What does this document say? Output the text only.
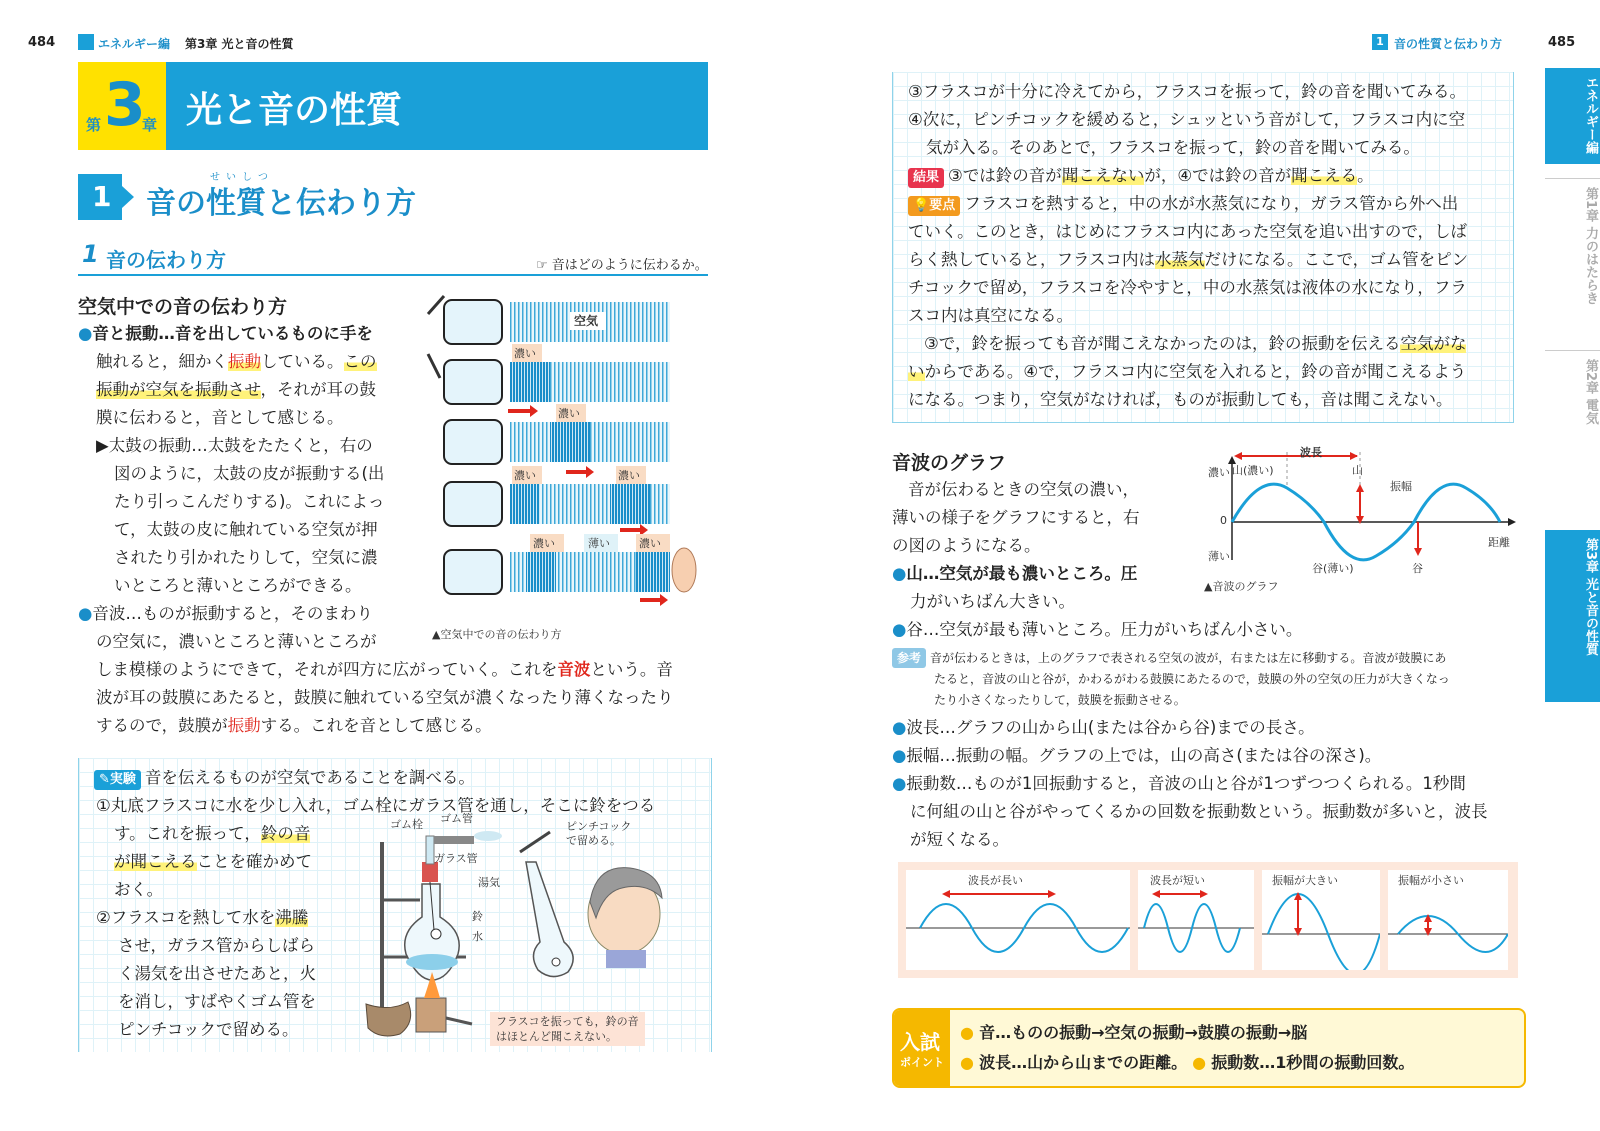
484	エネルギー編 第3章 光と音の性質
第 3
章 光と音の性質
1
せいしつ
音の性質と伝わり方
1 音の伝わり方	☞ 音はどのように伝わるか。
空気中での音の伝わり方
●音と振動…音を出しているものに手を
触れると，細かく振動している。この
振動が空気を振動させ，それが耳の鼓
膜に伝わると，音として感じる。
▶太鼓の振動…太鼓をたたくと，右の
図のように，太鼓の皮が振動する(出
たり引っこんだりする)。これによっ
て，太鼓の皮に触れている空気が押
されたり引かれたりして，空気に濃
いところと薄いところができる。
●音波…ものが振動すると，そのまわり
の空気に，濃いところと薄いところが
しま模様のようにできて，それが四方に広がっていく。これを音波という。音
波が耳の鼓膜にあたると，鼓膜に触れている空気が濃くなったり薄くなったり
するので，鼓膜が振動する。これを音として感じる。
空気
濃い
濃い
濃い	濃い
濃い	薄い	濃い
▲空気中での音の伝わり方
✎実験 音を伝えるものが空気であることを調べる。
①丸底フラスコに水を少し入れ，ゴム栓にガラス管を通し，そこに鈴をつる
す。これを振って，鈴の音
が聞こえることを確かめて
おく。
②フラスコを熱して水を沸騰
させ，ガラス管からしばら
く湯気を出させたあと，火
を消し，すばやくゴム管を
ピンチコックで留める。
ゴム栓 ゴム管
ガラス管
湯気
鈴
水
ピンチコック
で留める。
フラスコを振っても，鈴の音
はほとんど聞こえない。
1 音の性質と伝わり方	485
③フラスコが十分に冷えてから，フラスコを振って，鈴の音を聞いてみる。
④次に，ピンチコックを緩めると，シュッという音がして，フラスコ内に空
気が入る。そのあとで，フラスコを振って，鈴の音を聞いてみる。
結果 ③では鈴の音が聞こえないが，④では鈴の音が聞こえる。
💡要点 フラスコを熱すると，中の水が水蒸気になり，ガラス管から外へ出
ていく。このとき，はじめにフラスコ内にあった空気を追い出すので，しば
らく熱していると，フラスコ内は水蒸気だけになる。ここで，ゴム管をピン
チコックで留め，フラスコを冷やすと，中の水蒸気は液体の水になり，フラ
スコ内は真空になる。
③で，鈴を振っても音が聞こえなかったのは，鈴の振動を伝える空気がな
いからである。④で，フラスコ内に空気を入れると，鈴の音が聞こえるよう
になる。つまり，空気がなければ，ものが振動しても，音は聞こえない。
音波のグラフ
音が伝わるときの空気の濃い，
薄いの様子をグラフにすると，右
の図のようになる。
●山…空気が最も濃いところ。圧
力がいちばん大きい。
●谷…空気が最も薄いところ。圧力がいちばん小さい。
波長
山(濃い)	山
振幅
濃い
0
薄い
谷(薄い)	谷
距離
▲音波のグラフ
参考 音が伝わるときは，上のグラフで表される空気の波が，右または左に移動する。音波が鼓膜にあ
たると，音波の山と谷が，かわるがわる鼓膜にあたるので，鼓膜の外の空気の圧力が大きくなっ
たり小さくなったりして，鼓膜を振動させる。
●波長…グラフの山から山(または谷から谷)までの長さ。
●振幅…振動の幅。グラフの上では，山の高さ(または谷の深さ)。
●振動数…ものが1回振動すると，音波の山と谷が1つずつつくられる。1秒間
に何組の山と谷がやってくるかの回数を振動数という。振動数が多いと，波長
が短くなる。
波長が長い	波長が短い	振幅が大きい	振幅が小さい
入試
ポイント
● 音…ものの振動→空気の振動→鼓膜の振動→脳
● 波長…山から山までの距離。 ● 振動数…1秒間の振動回数。
エネルギー編
第1章 力のはたらき
第2章 電気
第3章 光と音の性質
